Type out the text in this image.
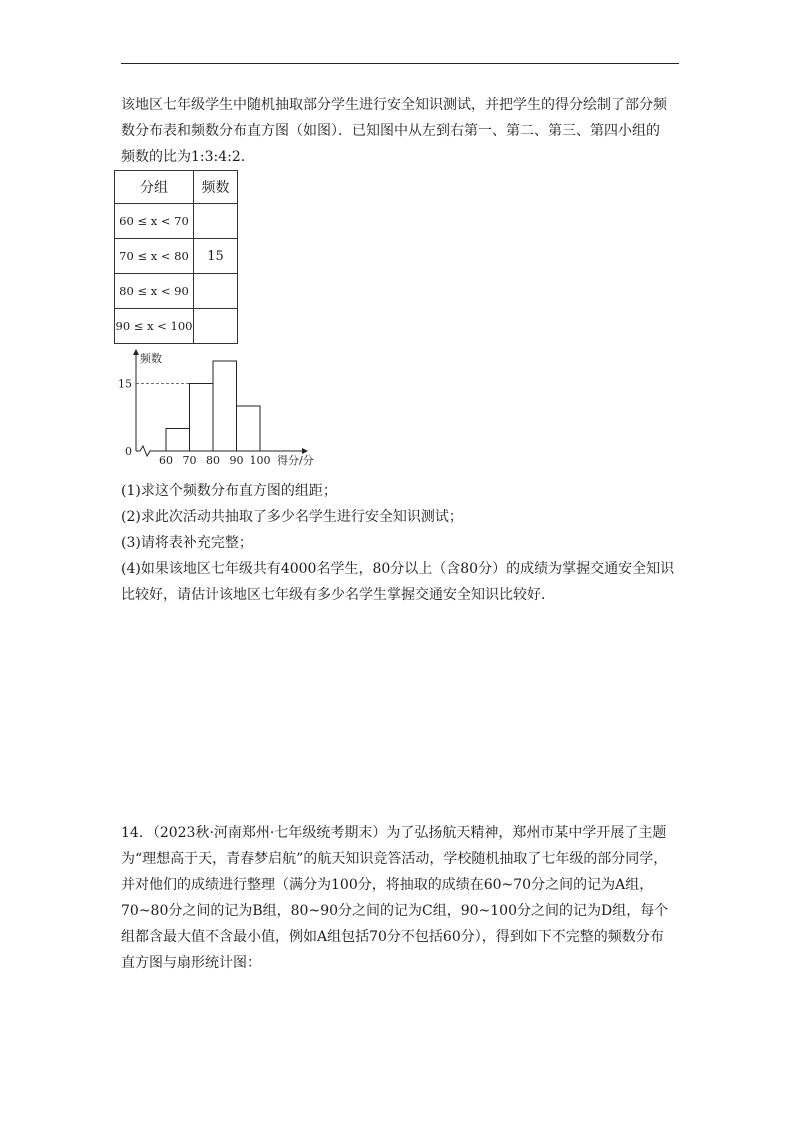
该地区七年级学生中随机抽取部分学生进行安全知识测试，并把学生的得分绘制了部分频
数分布表和频数分布直方图（如图）．已知图中从左到右第一、第二、第三、第四小组的
频数的比为1:3:4:2．
分组	频数
60 ≤ x < 70	
70 ≤ x < 80	15
80 ≤ x < 90	
90 ≤ x < 100	
频数
得分/分
60 70 80 90 100
0
15
(1)求这个频数分布直方图的组距；
(2)求此次活动共抽取了多少名学生进行安全知识测试；
(3)请将表补充完整；
(4)如果该地区七年级共有4000名学生，80分以上（含80分）的成绩为掌握交通安全知识
比较好，请估计该地区七年级有多少名学生掌握交通安全知识比较好．
14．（2023秋·河南郑州·七年级统考期末）为了弘扬航天精神，郑州市某中学开展了主题
为“理想高于天，青春梦启航”的航天知识竞答活动，学校随机抽取了七年级的部分同学，
并对他们的成绩进行整理（满分为100分，将抽取的成绩在60~70分之间的记为A组，
70~80分之间的记为B组，80~90分之间的记为C组，90~100分之间的记为D组，每个
组都含最大值不含最小值，例如A组包括70分不包括60分），得到如下不完整的频数分布
直方图与扇形统计图：
